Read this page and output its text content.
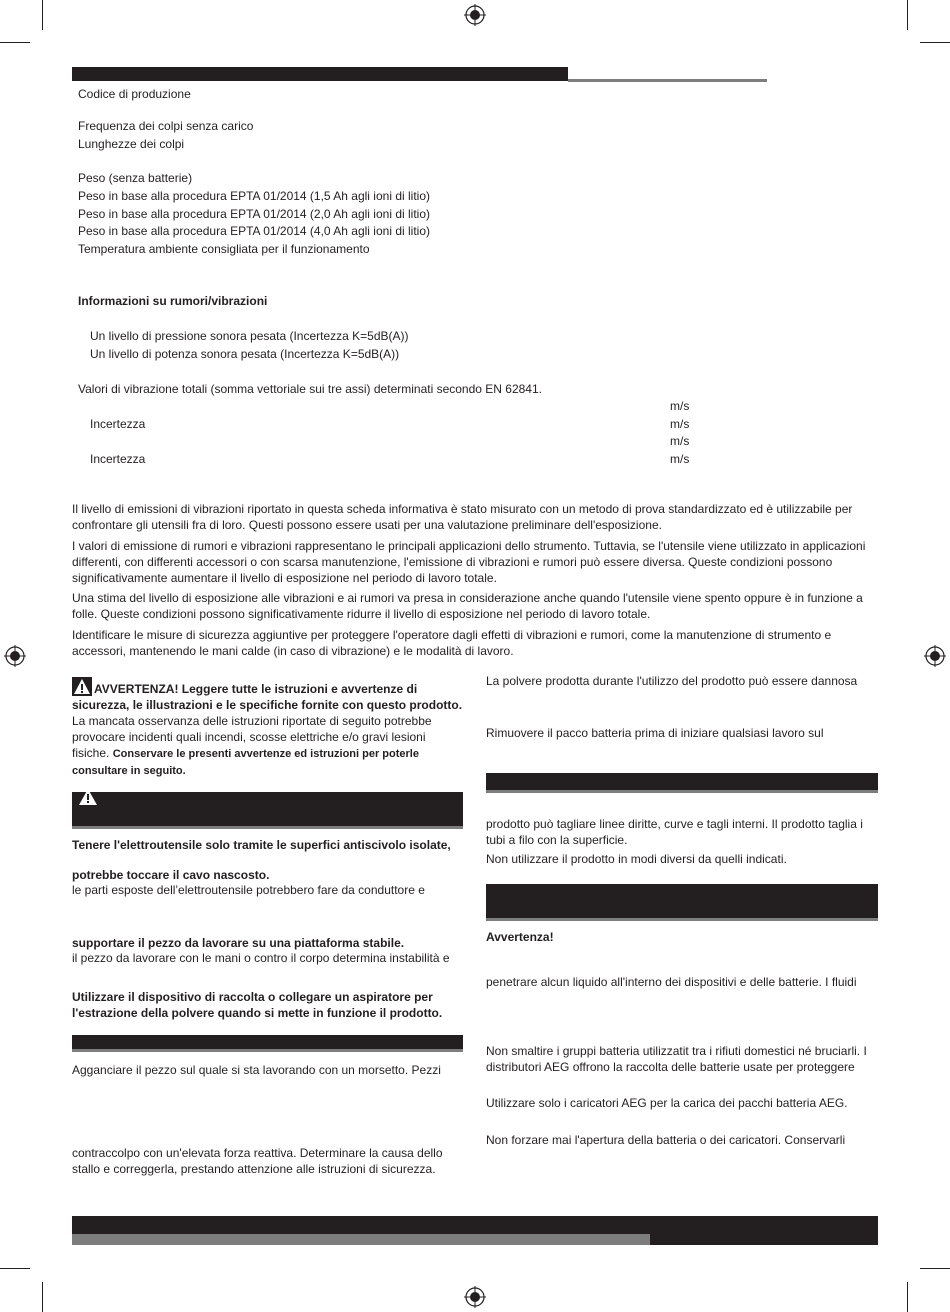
Codice di produzione
Frequenza dei colpi senza carico
Lunghezze dei colpi
Peso (senza batterie)
Peso in base alla procedura EPTA 01/2014 (1,5 Ah agli ioni di litio)
Peso in base alla procedura EPTA 01/2014 (2,0 Ah agli ioni di litio)
Peso in base alla procedura EPTA 01/2014 (4,0 Ah agli ioni di litio)
Temperatura ambiente consigliata per il funzionamento
Informazioni su rumori/vibrazioni
Un livello di pressione sonora pesata (Incertezza K=5dB(A))
Un livello di potenza sonora pesata (Incertezza K=5dB(A))
Valori di vibrazione totali (somma vettoriale sui tre assi) determinati secondo EN 62841.
m/s
Incertezza	m/s
m/s
Incertezza	m/s
Il livello di emissioni di vibrazioni riportato in questa scheda informativa è stato misurato con un metodo di prova standardizzato ed è utilizzabile per confrontare gli utensili fra di loro. Questi possono essere usati per una valutazione preliminare dell'esposizione.
I valori di emissione di rumori e vibrazioni rappresentano le principali applicazioni dello strumento. Tuttavia, se l'utensile viene utilizzato in applicazioni differenti, con differenti accessori o con scarsa manutenzione, l'emissione di vibrazioni e rumori può essere diversa. Queste condizioni possono significativamente aumentare il livello di esposizione nel periodo di lavoro totale.
Una stima del livello di esposizione alle vibrazioni e ai rumori va presa in considerazione anche quando l'utensile viene spento oppure è in funzione a folle. Queste condizioni possono significativamente ridurre il livello di esposizione nel periodo di lavoro totale.
Identificare le misure di sicurezza aggiuntive per proteggere l'operatore dagli effetti di vibrazioni e rumori, come la manutenzione di strumento e accessori, mantenendo le mani calde (in caso di vibrazione) e le modalità di lavoro.
AVVERTENZA! Leggere tutte le istruzioni e avvertenze di sicurezza, le illustrazioni e le specifiche fornite con questo prodotto. La mancata osservanza delle istruzioni riportate di seguito potrebbe provocare incidenti quali incendi, scosse elettriche e/o gravi lesioni fisiche. Conservare le presenti avvertenze ed istruzioni per poterle consultare in seguito.
Tenere l'elettroutensile solo tramite le superfici antiscivolo isolate,
potrebbe toccare il cavo nascosto.
le parti esposte dell’elettroutensile potrebbero fare da conduttore e
supportare il pezzo da lavorare su una piattaforma stabile.
il pezzo da lavorare con le mani o contro il corpo determina instabilità e
Utilizzare il dispositivo di raccolta o collegare un aspiratore per l'estrazione della polvere quando si mette in funzione il prodotto.
Agganciare il pezzo sul quale si sta lavorando con un morsetto. Pezzi
contraccolpo con un'elevata forza reattiva. Determinare la causa dello stallo e correggerla, prestando attenzione alle istruzioni di sicurezza.
La polvere prodotta durante l'utilizzo del prodotto può essere dannosa
Rimuovere il pacco batteria prima di iniziare qualsiasi lavoro sul
prodotto può tagliare linee diritte, curve e tagli interni. Il prodotto taglia i tubi a filo con la superficie.
Non utilizzare il prodotto in modi diversi da quelli indicati.
Avvertenza!
penetrare alcun liquido all'interno dei dispositivi e delle batterie. I fluidi
Non smaltire i gruppi batteria utilizzatit tra i rifiuti domestici né bruciarli. I distributori AEG offrono la raccolta delle batterie usate per proteggere
Utilizzare solo i caricatori AEG per la carica dei pacchi batteria AEG.
Non forzare mai l'apertura della batteria o dei caricatori. Conservarli
